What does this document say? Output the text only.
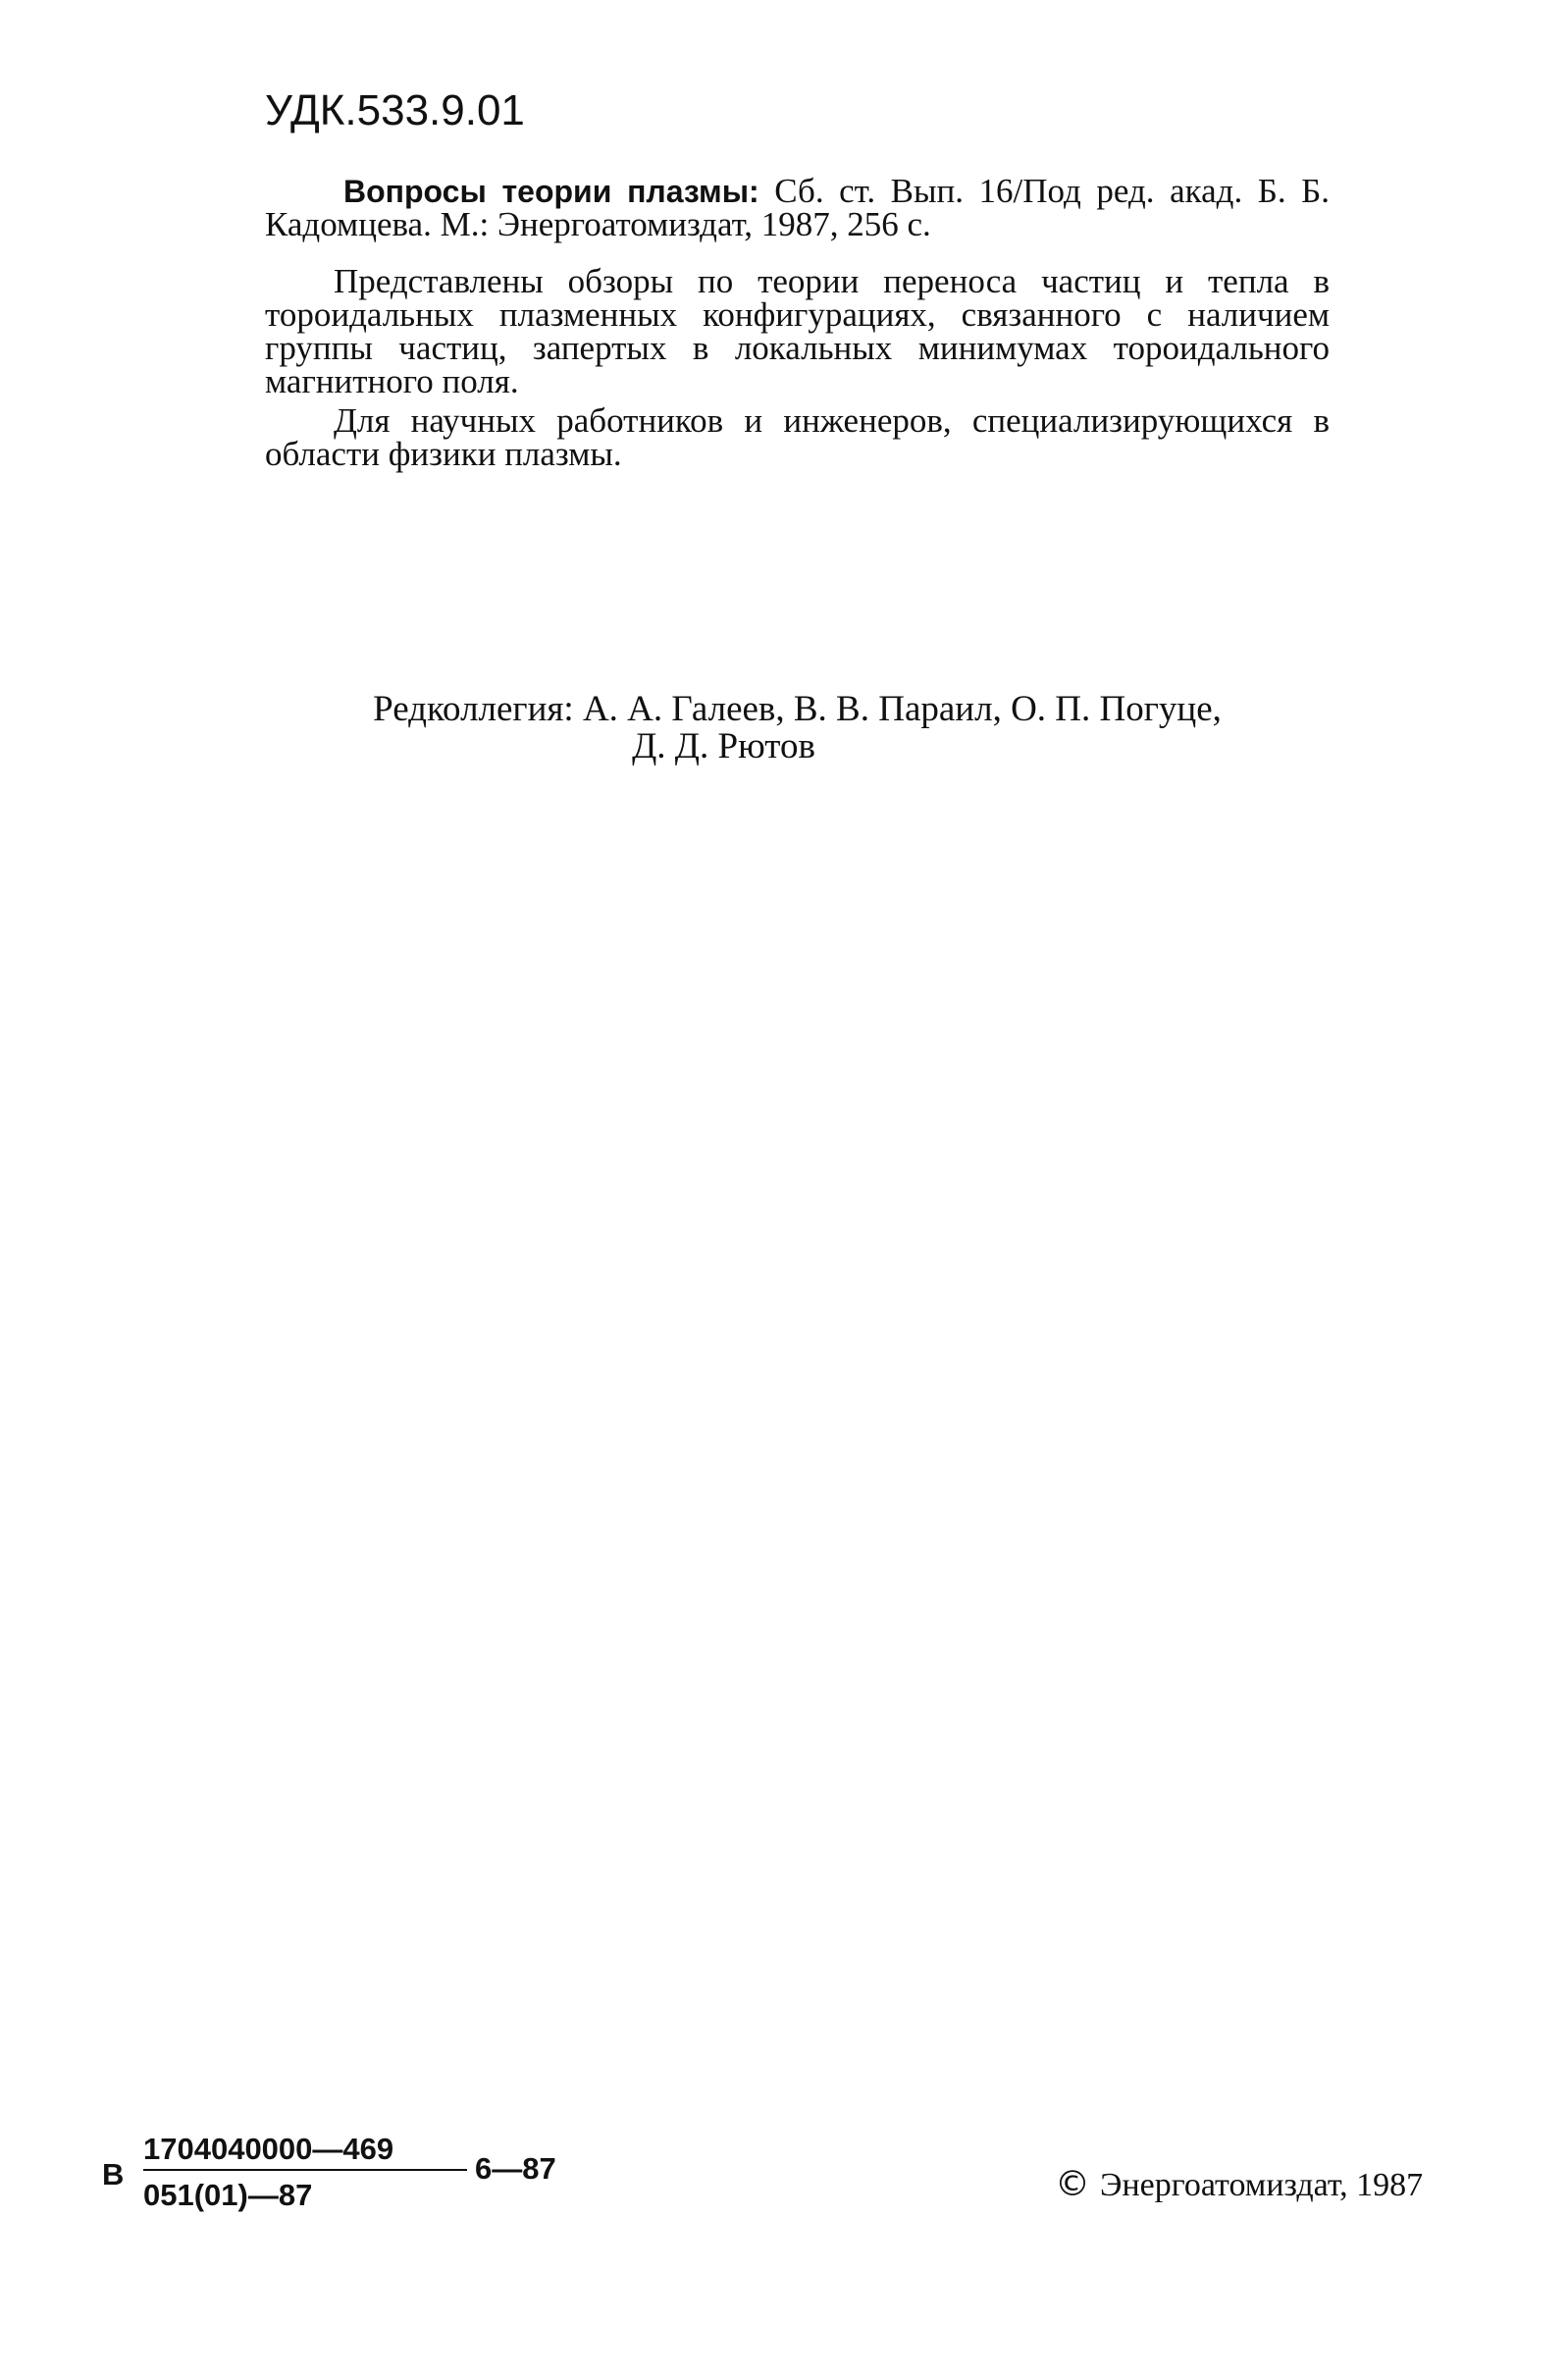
УДК.533.9.01
Вопросы теории плазмы: Сб. ст. Вып. 16/Под ред. акад. Б. Б. Кадомцева. М.: Энергоатомиздат, 1987, 256 с.
Представлены обзоры по теории переноса частиц и тепла в тороидальных плазменных конфигурациях, связанного с наличием группы частиц, запертых в локальных минимумах тороидального магнитного поля.
Для научных работников и инженеров, специализирующихся в области физики плазмы.
Редколлегия: А. А. Галеев, В. В. Параил, О. П. Погуце,
Д. Д. Рютов
В
1704040000—469
051(01)—87
6—87	© Энергоатомиздат, 1987
